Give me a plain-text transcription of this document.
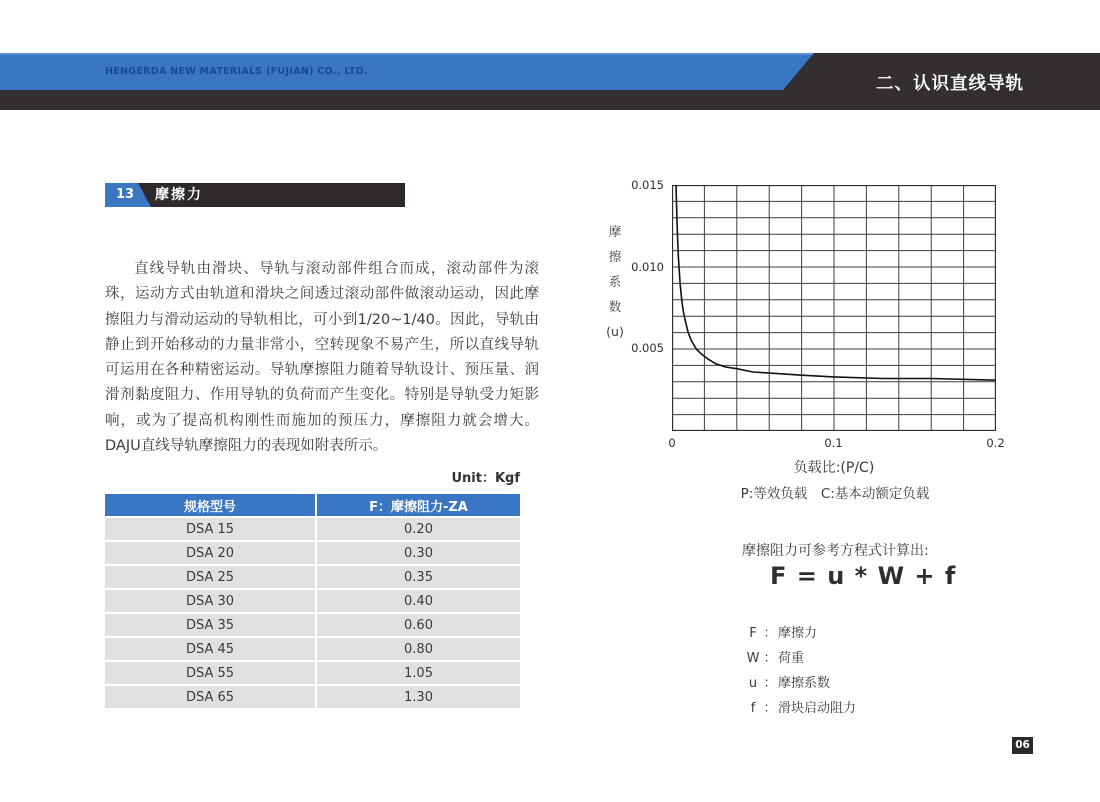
HENGERDA NEW MATERIALS (FUJIAN) CO., LTD.
二、认识直线导轨
13 摩擦力

直线导轨由滑块、导轨与滚动部件组合而成，滚动部件为滚珠，运动方式由轨道和滑块之间透过滚动部件做滚动运动，因此摩擦阻力与滑动运动的导轨相比，可小到1/20~1/40。因此，导轨由静止到开始移动的力量非常小，空转现象不易产生，所以直线导轨可运用在各种精密运动。导轨摩擦阻力随着导轨设计、预压量、润滑剂黏度阻力、作用导轨的负荷而产生变化。特别是导轨受力矩影响，或为了提高机构刚性而施加的预压力，摩擦阻力就会增大。DAJU直线导轨摩擦阻力的表现如附表所示。

Unit：Kgf
规格型号	F：摩擦阻力-ZA
DSA 15	0.20
DSA 20	0.30
DSA 25	0.35
DSA 30	0.40
DSA 35	0.60
DSA 45	0.80
DSA 55	1.05
DSA 65	1.30
摩
擦
系
数
(u)
0.015
0.010
0.005
0	0.1	0.2
负载比:(P/C)
P:等效负载　C:基本动额定负载
摩擦阻力可参考方程式计算出:
F = u * W + f
F ： 摩擦力
W ： 荷重
u ： 摩擦系数
f ： 滑块启动阻力
06
